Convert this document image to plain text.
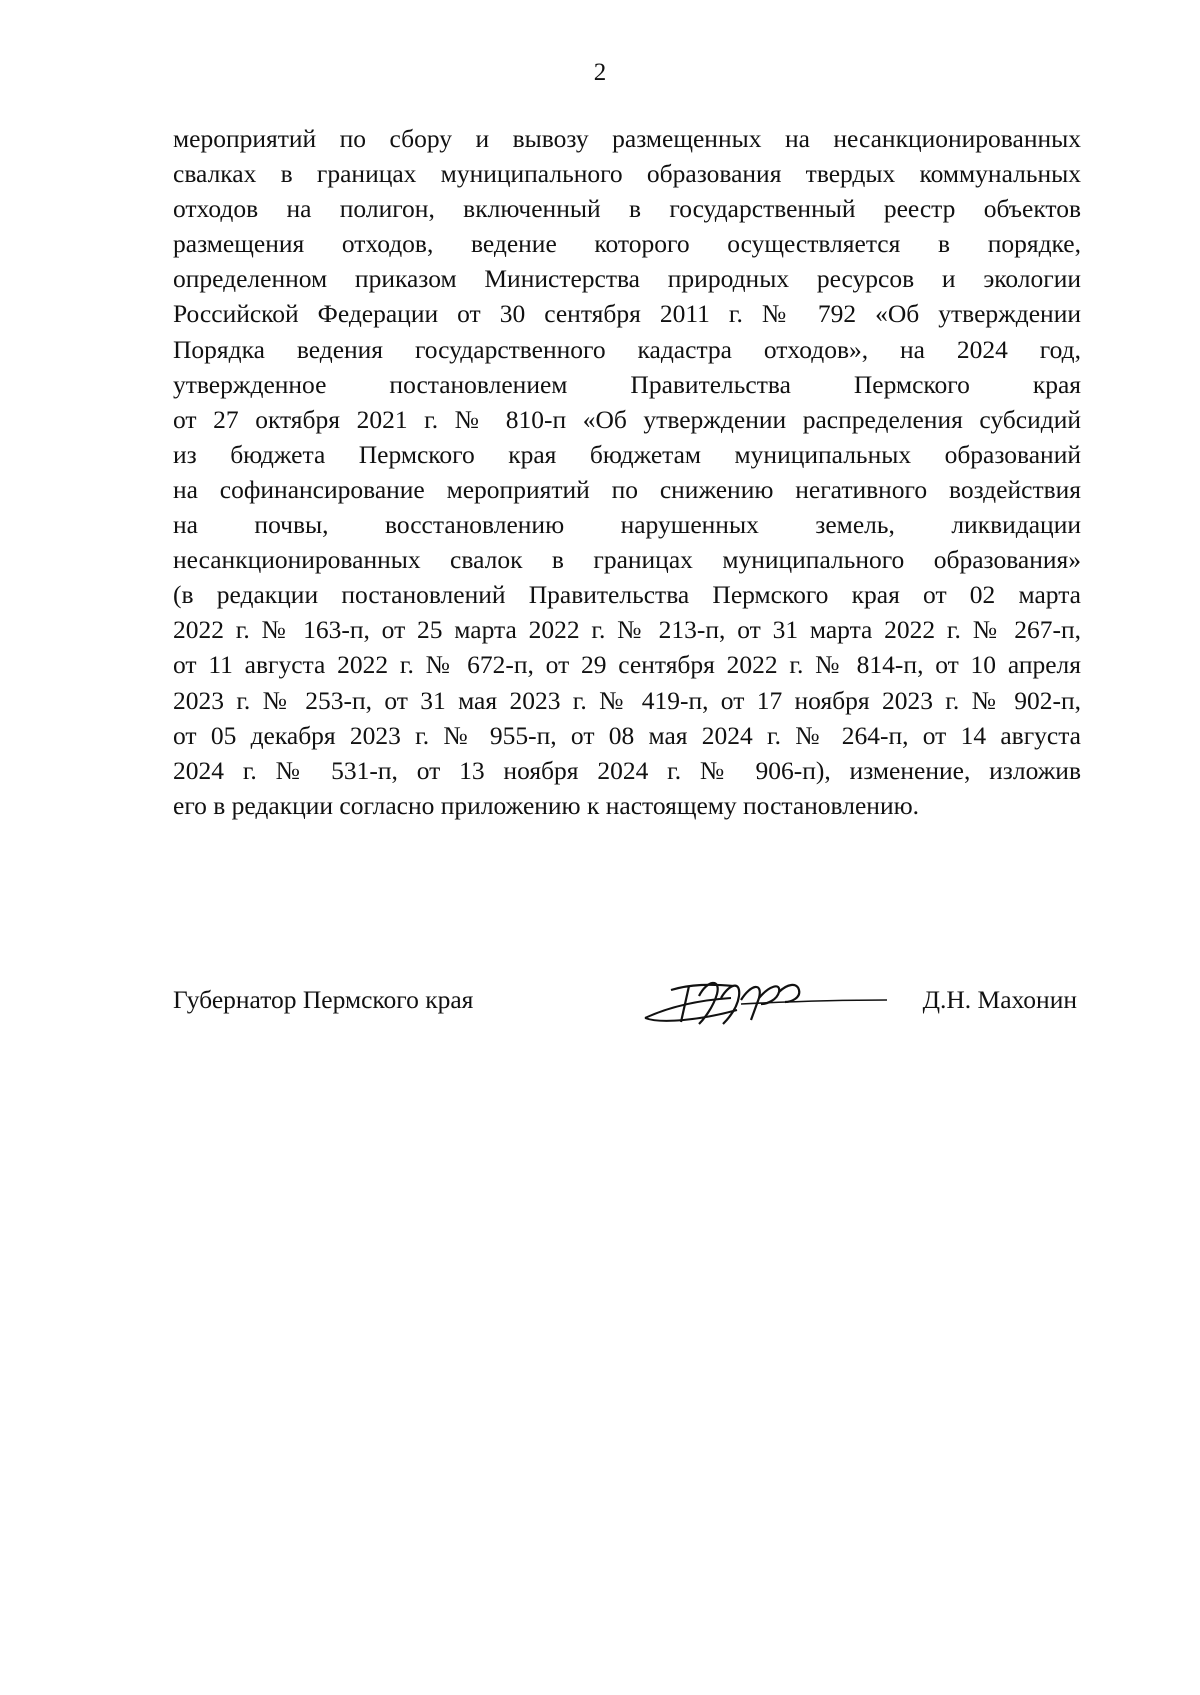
2
мероприятий по сбору и вывозу размещенных на несанкционированных
свалках в границах муниципального образования твердых коммунальных
отходов на полигон, включенный в государственный реестр объектов
размещения отходов, ведение которого осуществляется в порядке,
определенном приказом Министерства природных ресурсов и экологии
Российской Федерации от 30 сентября 2011 г. № 792 «Об утверждении
Порядка ведения государственного кадастра отходов», на 2024 год,
утвержденное постановлением Правительства Пермского края
от 27 октября 2021 г. № 810-п «Об утверждении распределения субсидий
из бюджета Пермского края бюджетам муниципальных образований
на софинансирование мероприятий по снижению негативного воздействия
на почвы, восстановлению нарушенных земель, ликвидации
несанкционированных свалок в границах муниципального образования»
(в редакции постановлений Правительства Пермского края от 02 марта
2022 г. № 163-п, от 25 марта 2022 г. № 213-п, от 31 марта 2022 г. № 267-п,
от 11 августа 2022 г. № 672-п, от 29 сентября 2022 г. № 814-п, от 10 апреля
2023 г. № 253-п, от 31 мая 2023 г. № 419-п, от 17 ноября 2023 г. № 902-п,
от 05 декабря 2023 г. № 955-п, от 08 мая 2024 г. № 264-п, от 14 августа
2024 г. № 531-п, от 13 ноября 2024 г. № 906-п), изменение, изложив
его в редакции согласно приложению к настоящему постановлению.
Губернатор Пермского края	Д.Н. Махонин
